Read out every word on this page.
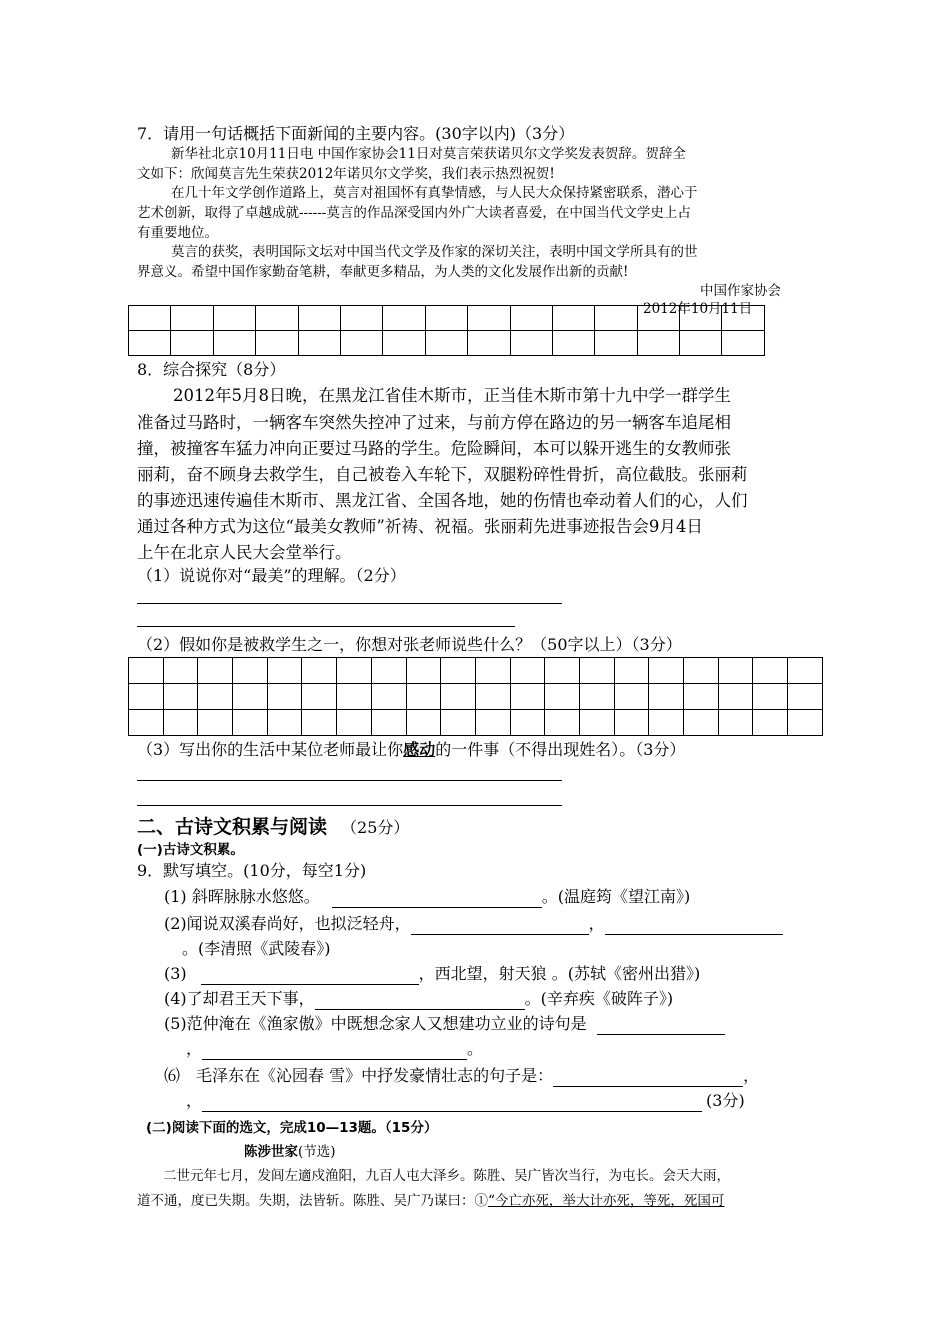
7．请用一句话概括下面新闻的主要内容。(30字以内)（3分）
新华社北京10月11日电 中国作家协会11日对莫言荣获诺贝尔文学奖发表贺辞。贺辞全
文如下：欣闻莫言先生荣获2012年诺贝尔文学奖，我们表示热烈祝贺!
在几十年文学创作道路上，莫言对祖国怀有真挚情感，与人民大众保持紧密联系，潜心于
艺术创新，取得了卓越成就------莫言的作品深受国内外广大读者喜爱，在中国当代文学史上占
有重要地位。
莫言的获奖，表明国际文坛对中国当代文学及作家的深切关注，表明中国文学所具有的世
界意义。希望中国作家勤奋笔耕，奉献更多精品，为人类的文化发展作出新的贡献!
中国作家协会
2012年10月11日

8．综合探究（8分）
2012年5月8日晚，在黑龙江省佳木斯市，正当佳木斯市第十九中学一群学生
准备过马路时，一辆客车突然失控冲了过来，与前方停在路边的另一辆客车追尾相
撞，被撞客车猛力冲向正要过马路的学生。危险瞬间，本可以躲开逃生的女教师张
丽莉，奋不顾身去救学生，自己被卷入车轮下，双腿粉碎性骨折，高位截肢。张丽莉
的事迹迅速传遍佳木斯市、黑龙江省、全国各地，她的伤情也牵动着人们的心，人们
通过各种方式为这位“最美女教师”祈祷、祝福。张丽莉先进事迹报告会9月4日
上午在北京人民大会堂举行。
（1）说说你对“最美”的理解。（2分）
（2）假如你是被救学生之一，你想对张老师说些什么？（50字以上）（3分）

（3）写出你的生活中某位老师最让你感动的一件事（不得出现姓名）。（3分）
二、古诗文积累与阅读 （25分）
(一)古诗文积累。
9．默写填空。(10分，每空1分)
(1) 斜晖脉脉水悠悠。	。(温庭筠《望江南》)
(2)闻说双溪春尚好，也拟泛轻舟，	，
。(李清照《武陵春》)
(3)	，西北望，射天狼 。(苏轼《密州出猎》)
(4)了却君王天下事，	。(辛弃疾《破阵子》)
(5)范仲淹在《渔家傲》中既想念家人又想建功立业的诗句是
，	。
⑹ 毛泽东在《沁园春 雪》中抒发豪情壮志的句子是：	，
，	(3分)
(二)阅读下面的选文，完成10—13题。（15分）
陈涉世家(节选)
二世元年七月，发闾左適戍渔阳，九百人屯大泽乡。陈胜、吴广皆次当行，为屯长。会天大雨，
道不通，度已失期。失期，法皆斩。陈胜、吴广乃谋曰：①“今亡亦死，举大计亦死，等死，死国可
